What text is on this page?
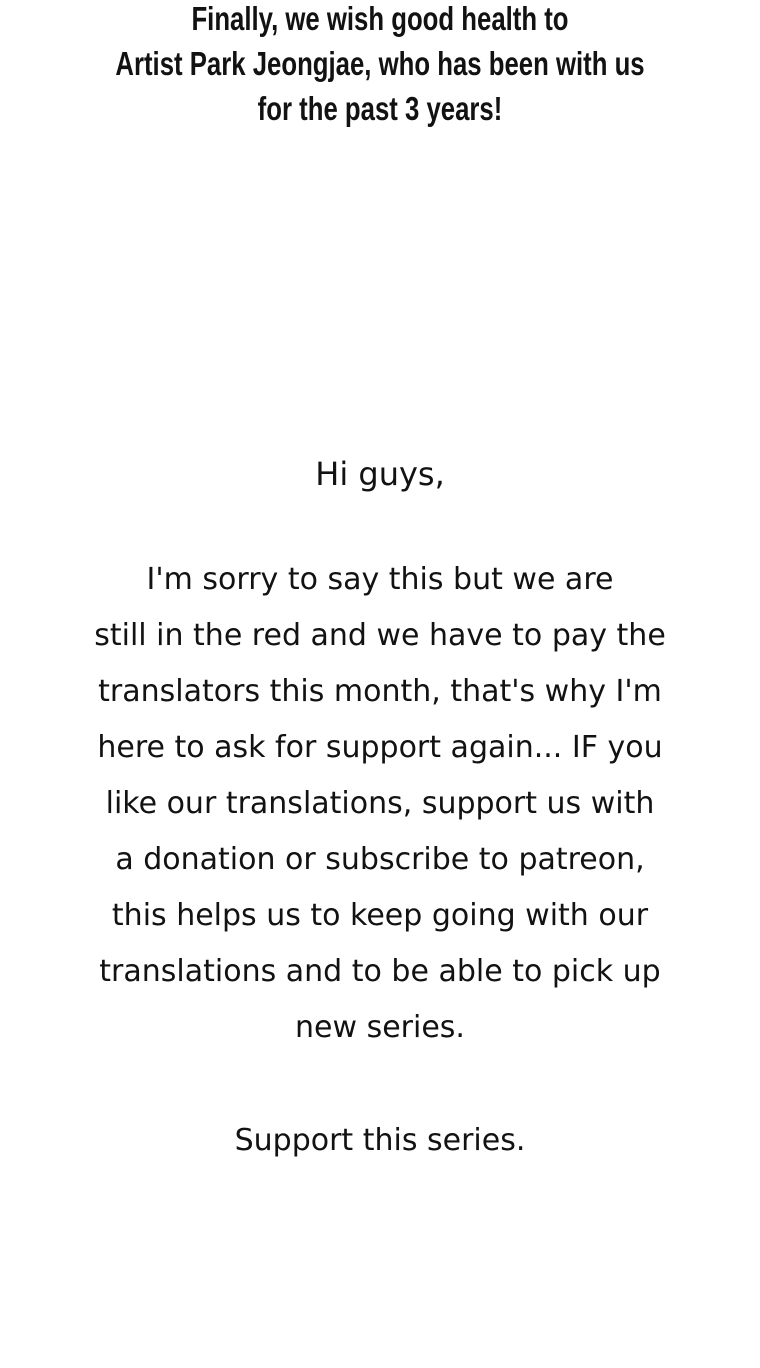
Finally, we wish good health to
Artist Park Jeongjae, who has been with us
for the past 3 years!
Hi guys,
I'm sorry to say this but we are
still in the red and we have to pay the
translators this month, that's why I'm
here to ask for support again... IF you
like our translations, support us with
a donation or subscribe to patreon,
this helps us to keep going with our
translations and to be able to pick up
new series.
Support this series.
